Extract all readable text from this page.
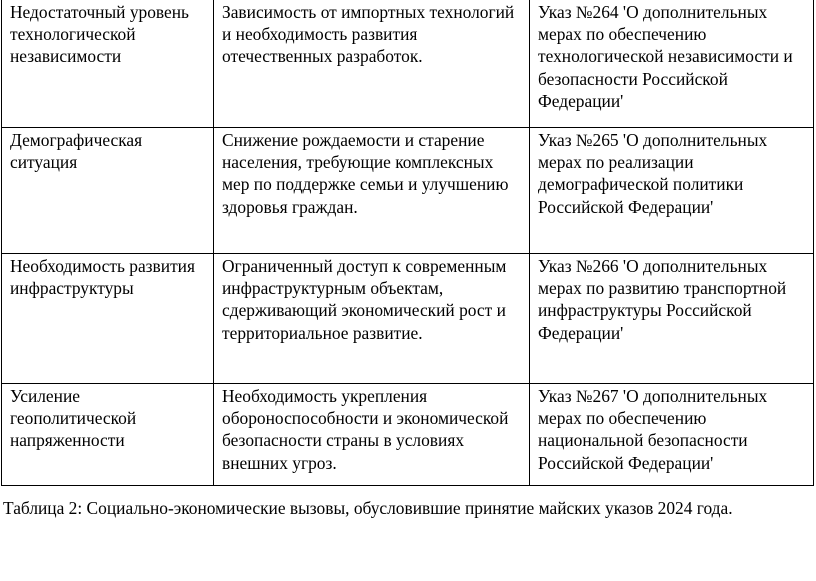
Недостаточный уровень технологической независимости	Зависимость от импортных технологий и необходимость развития отечественных разработок.	Указ №264 'О дополнительных мерах по обеспечению технологической независимости и безопасности Российской Федерации'
Демографическая ситуация	Снижение рождаемости и старение населения, требующие комплексных мер по поддержке семьи и улучшению здоровья граждан.	Указ №265 'О дополнительных мерах по реализации демографической политики Российской Федерации'
Необходимость развития инфраструктуры	Ограниченный доступ к современным инфраструктурным объектам, сдерживающий экономический рост и территориальное развитие.	Указ №266 'О дополнительных мерах по развитию транспортной инфраструктуры Российской Федерации'
Усиление геополитической напряженности	Необходимость укрепления обороноспособности и экономической безопасности страны в условиях внешних угроз.	Указ №267 'О дополнительных мерах по обеспечению национальной безопасности Российской Федерации'
Таблица 2: Социально-экономические вызовы, обусловившие принятие майских указов 2024 года.
